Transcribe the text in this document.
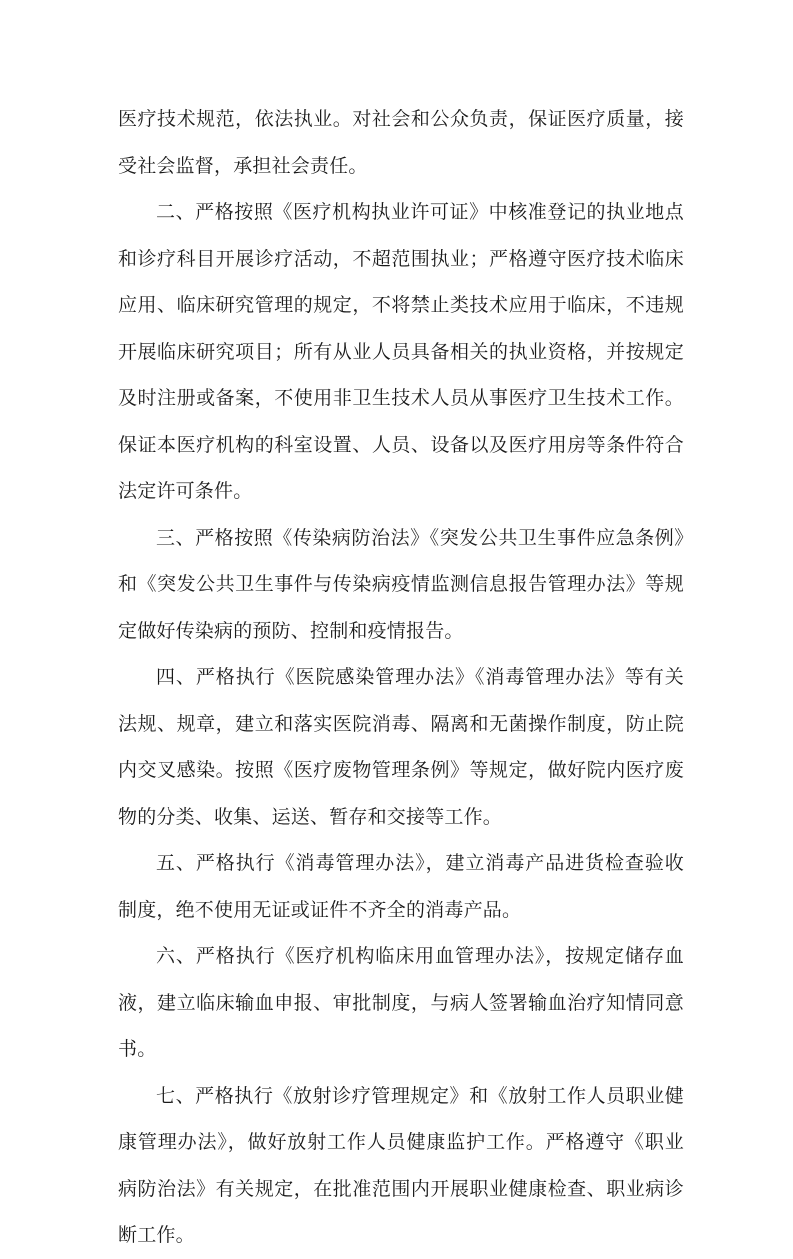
医疗技术规范，依法执业。对社会和公众负责，保证医疗质量，接受社会监督，承担社会责任。

二、严格按照《医疗机构执业许可证》中核准登记的执业地点和诊疗科目开展诊疗活动，不超范围执业；严格遵守医疗技术临床应用、临床研究管理的规定，不将禁止类技术应用于临床，不违规开展临床研究项目；所有从业人员具备相关的执业资格，并按规定及时注册或备案，不使用非卫生技术人员从事医疗卫生技术工作。保证本医疗机构的科室设置、人员、设备以及医疗用房等条件符合法定许可条件。

三、严格按照《传染病防治法》《突发公共卫生事件应急条例》和《突发公共卫生事件与传染病疫情监测信息报告管理办法》等规定做好传染病的预防、控制和疫情报告。

四、严格执行《医院感染管理办法》《消毒管理办法》等有关法规、规章，建立和落实医院消毒、隔离和无菌操作制度，防止院内交叉感染。按照《医疗废物管理条例》等规定，做好院内医疗废物的分类、收集、运送、暂存和交接等工作。

五、严格执行《消毒管理办法》，建立消毒产品进货检查验收制度，绝不使用无证或证件不齐全的消毒产品。

六、严格执行《医疗机构临床用血管理办法》，按规定储存血液，建立临床输血申报、审批制度，与病人签署输血治疗知情同意书。

七、严格执行《放射诊疗管理规定》和《放射工作人员职业健康管理办法》，做好放射工作人员健康监护工作。严格遵守《职业病防治法》有关规定，在批准范围内开展职业健康检查、职业病诊断工作。
